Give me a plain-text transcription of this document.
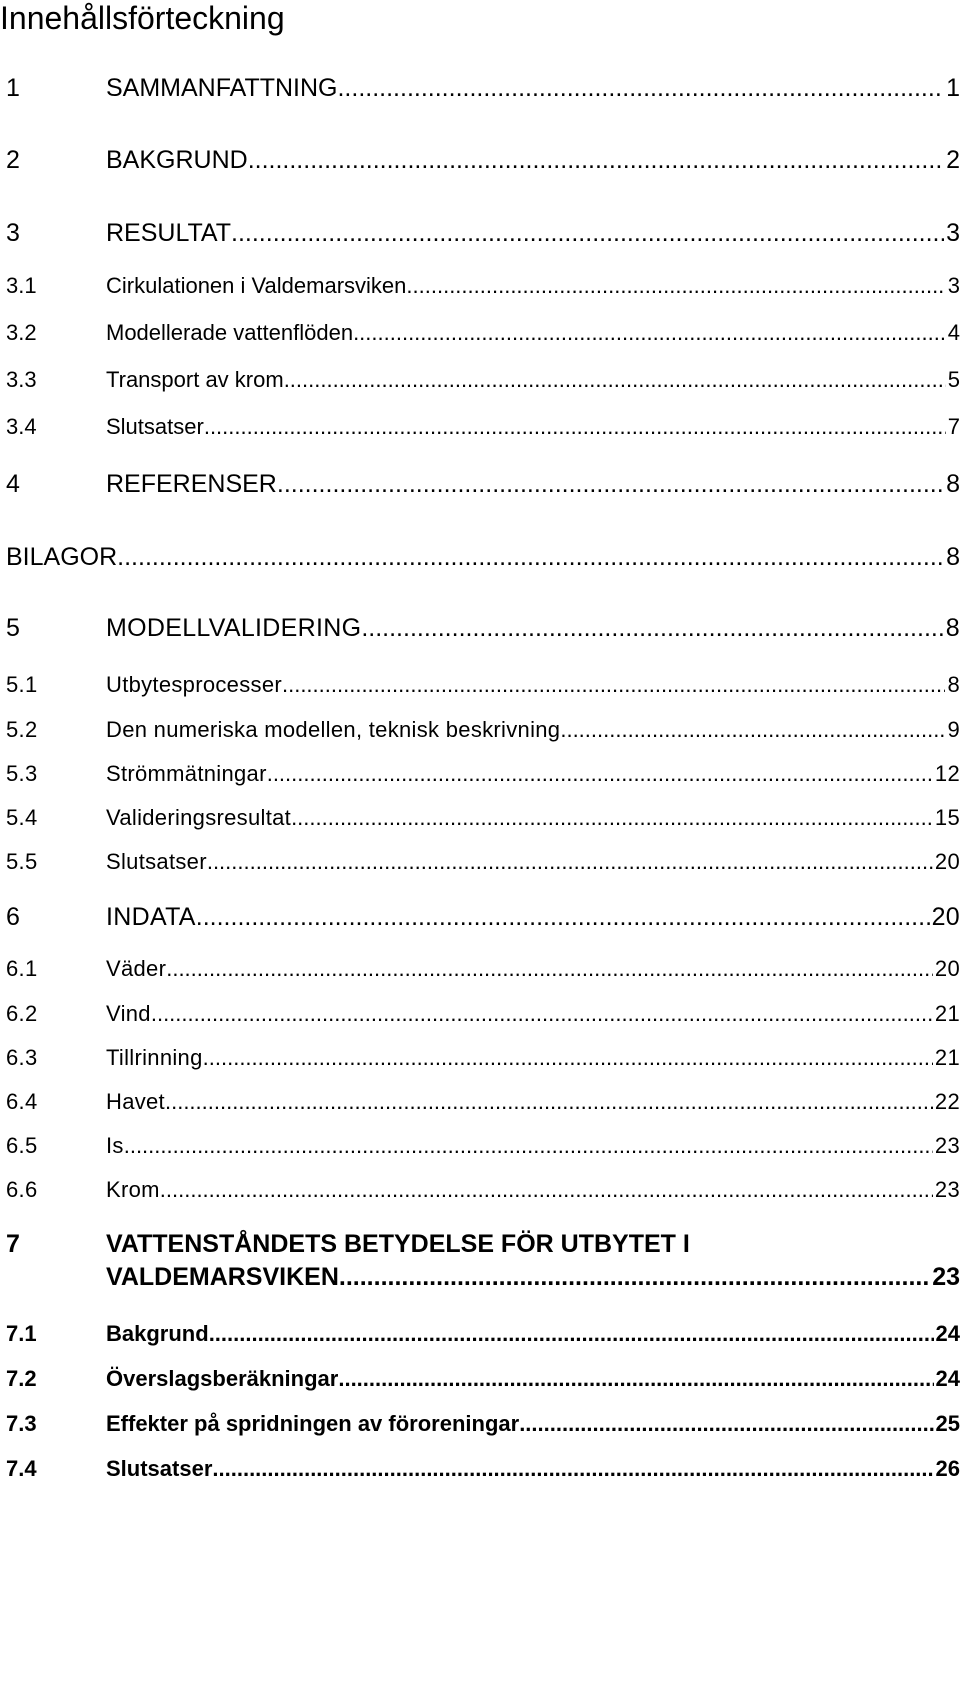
Innehållsförteckning
1	SAMMANFATTNING .....	1
2	BAKGRUND .....	2
3	RESULTAT .....	3
3.1	Cirkulationen i Valdemarsviken .....	3
3.2	Modellerade vattenflöden .....	4
3.3	Transport av krom .....	5
3.4	Slutsatser .....	7
4	REFERENSER .....	8
BILAGOR .....	8
5	MODELLVALIDERING .....	8
5.1	Utbytesprocesser .....	8
5.2	Den numeriska modellen, teknisk beskrivning .....	9
5.3	Strömmätningar .....	12
5.4	Valideringsresultat .....	15
5.5	Slutsatser .....	20
6	INDATA .....	20
6.1	Väder .....	20
6.2	Vind .....	21
6.3	Tillrinning .....	21
6.4	Havet .....	22
6.5	Is .....	23
6.6	Krom .....	23
7	VATTENSTÅNDETS BETYDELSE FÖR UTBYTET I
VALDEMARSVIKEN .....	23
7.1	Bakgrund .....	24
7.2	Överslagsberäkningar .....	24
7.3	Effekter på spridningen av föroreningar .....	25
7.4	Slutsatser .....	26
